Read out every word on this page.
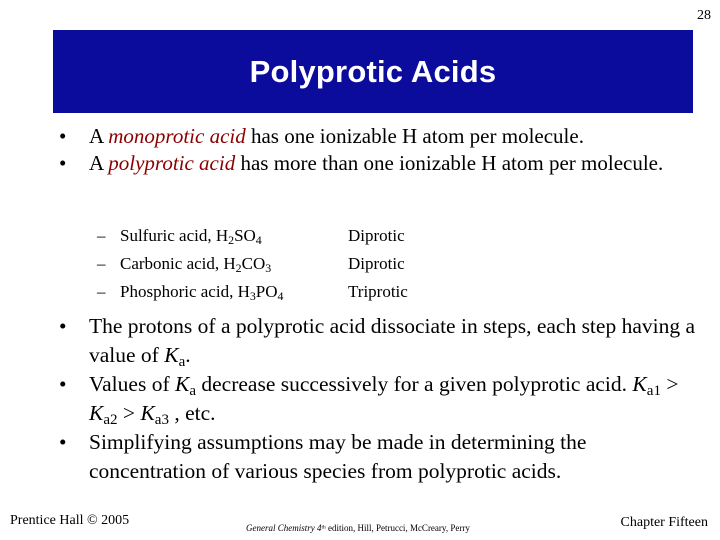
28
Polyprotic Acids
• A monoprotic acid has one ionizable H atom per molecule.
• A polyprotic acid has more than one ionizable H atom per molecule.
– Sulfuric acid, $H_2SO_4$	Diprotic
– Carbonic acid, $H_2CO_3$	Diprotic
– Phosphoric acid, $H_3PO_4$	Triprotic
• The protons of a polyprotic acid dissociate in steps, each step having a value of $K_a$.
• Values of $K_a$ decrease successively for a given polyprotic acid. $K_{a1} > K_{a2} > K_{a3}$ , etc.
• Simplifying assumptions may be made in determining the concentration of various species from polyprotic acids.
Prentice Hall © 2005	General Chemistry 4th edition, Hill, Petrucci, McCreary, Perry	Chapter Fifteen
